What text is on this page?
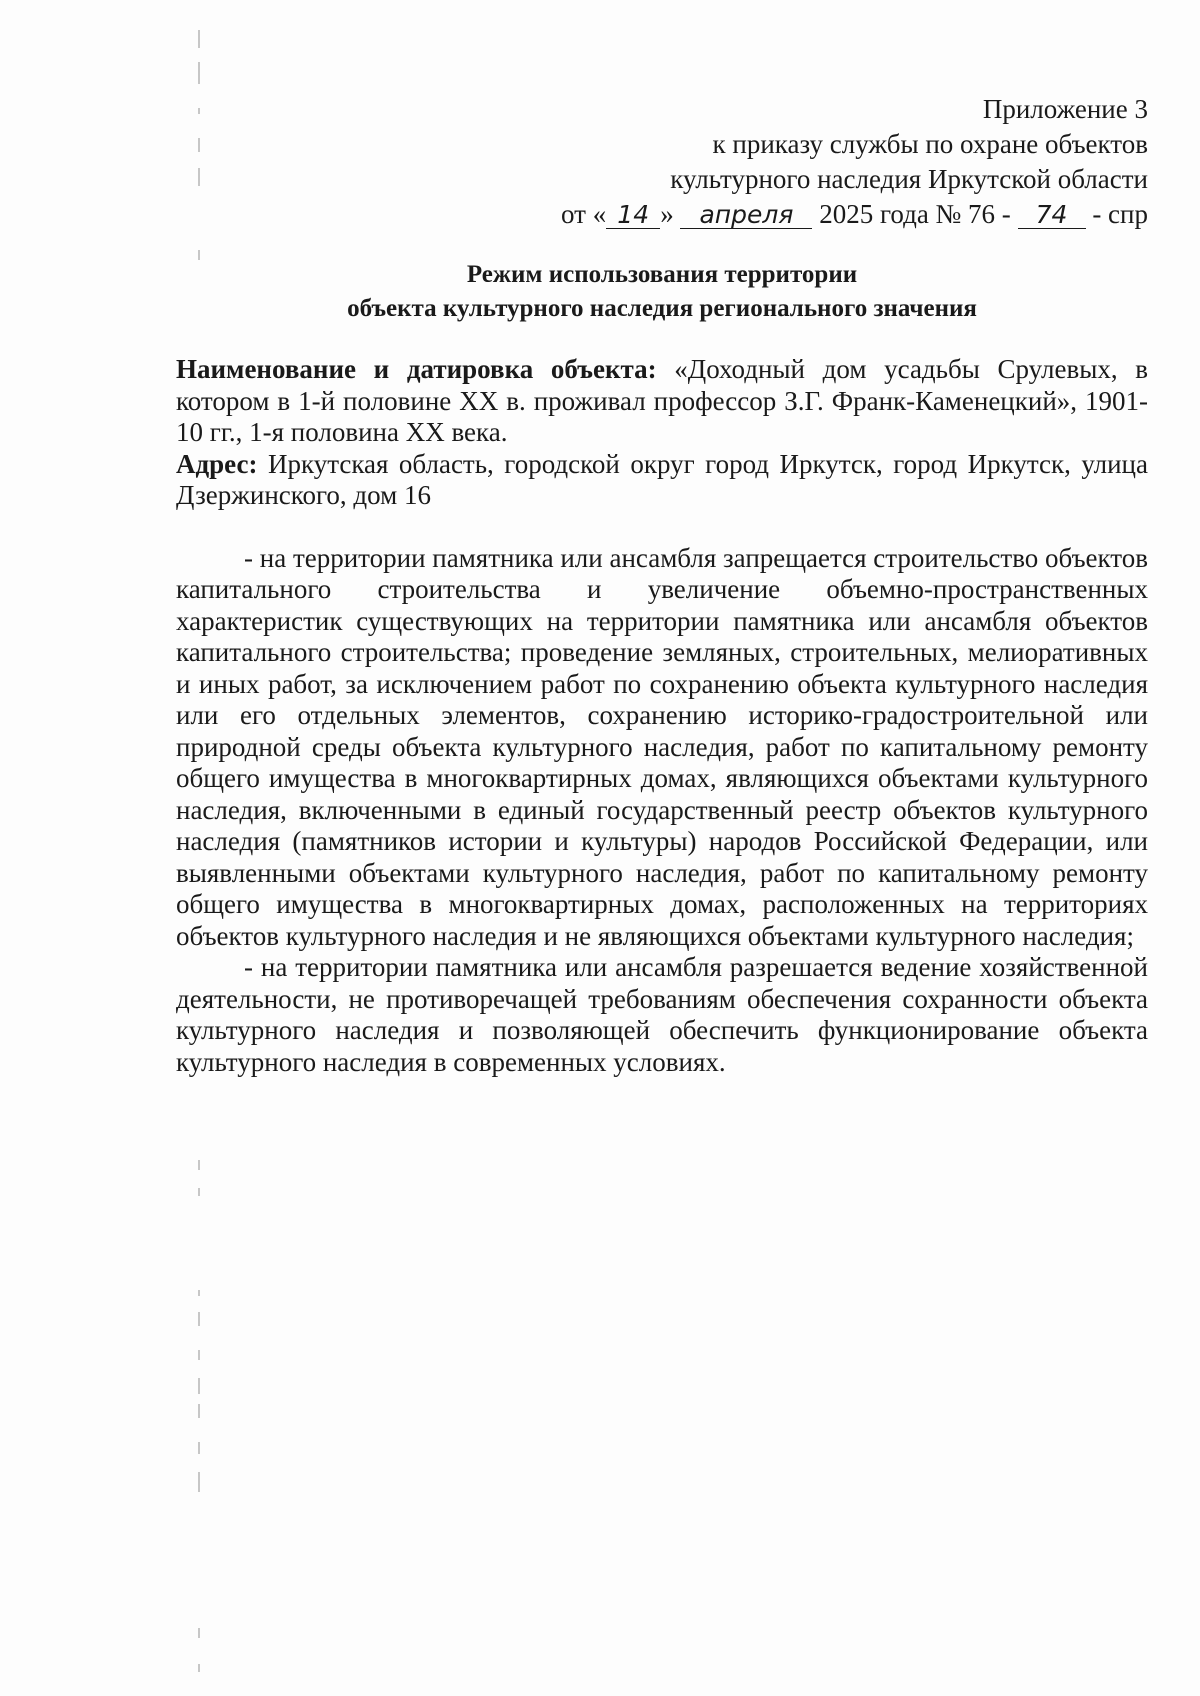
Приложение 3
к приказу службы по охране объектов
культурного наследия Иркутской области
от « 14 » апреля 2025 года № 76 - 74 - спр
Режим использования территории
объекта культурного наследия регионального значения

Наименование и датировка объекта: «Доходный дом усадьбы Срулевых, в котором в 1-й половине XX в. проживал профессор З.Г. Франк-Каменецкий», 1901-10 гг., 1-я половина XX века.

Адрес: Иркутская область, городской округ город Иркутск, город Иркутск, улица Дзержинского, дом 16

- на территории памятника или ансамбля запрещается строительство объектов капитального строительства и увеличение объемно-пространственных характеристик существующих на территории памятника или ансамбля объектов капитального строительства; проведение земляных, строительных, мелиоративных и иных работ, за исключением работ по сохранению объекта культурного наследия или его отдельных элементов, сохранению историко-градостроительной или природной среды объекта культурного наследия, работ по капитальному ремонту общего имущества в многоквартирных домах, являющихся объектами культурного наследия, включенными в единый государственный реестр объектов культурного наследия (памятников истории и культуры) народов Российской Федерации, или выявленными объектами культурного наследия, работ по капитальному ремонту общего имущества в многоквартирных домах, расположенных на территориях объектов культурного наследия и не являющихся объектами культурного наследия;

- на территории памятника или ансамбля разрешается ведение хозяйственной деятельности, не противоречащей требованиям обеспечения сохранности объекта культурного наследия и позволяющей обеспечить функционирование объекта культурного наследия в современных условиях.
